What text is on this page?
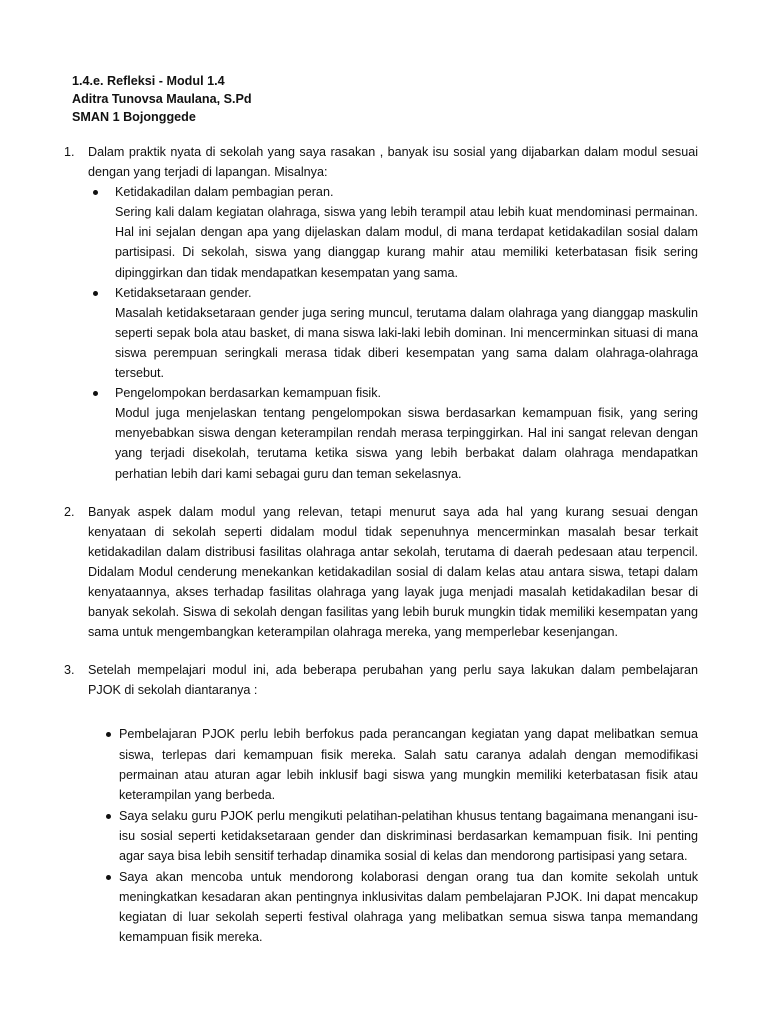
1.4.e. Refleksi - Modul 1.4
Aditra Tunovsa Maulana, S.Pd
SMAN 1 Bojonggede
1. Dalam praktik nyata di sekolah yang saya rasakan , banyak isu sosial yang dijabarkan dalam modul sesuai dengan yang terjadi di lapangan. Misalnya:
Ketidakadilan dalam pembagian peran.
Sering kali dalam kegiatan olahraga, siswa yang lebih terampil atau lebih kuat mendominasi permainan. Hal ini sejalan dengan apa yang dijelaskan dalam modul, di mana terdapat ketidakadilan sosial dalam partisipasi. Di sekolah, siswa yang dianggap kurang mahir atau memiliki keterbatasan fisik sering dipinggirkan dan tidak mendapatkan kesempatan yang sama.
Ketidaksetaraan gender.
Masalah ketidaksetaraan gender juga sering muncul, terutama dalam olahraga yang dianggap maskulin seperti sepak bola atau basket, di mana siswa laki-laki lebih dominan. Ini mencerminkan situasi di mana siswa perempuan seringkali merasa tidak diberi kesempatan yang sama dalam olahraga-olahraga tersebut.
Pengelompokan berdasarkan kemampuan fisik.
Modul juga menjelaskan tentang pengelompokan siswa berdasarkan kemampuan fisik, yang sering menyebabkan siswa dengan keterampilan rendah merasa terpinggirkan. Hal ini sangat relevan dengan yang terjadi disekolah, terutama ketika siswa yang lebih berbakat dalam olahraga mendapatkan perhatian lebih dari kami sebagai guru dan teman sekelasnya.
2. Banyak aspek dalam modul yang relevan, tetapi menurut saya ada hal yang kurang sesuai dengan kenyataan di sekolah seperti didalam modul tidak sepenuhnya mencerminkan masalah besar terkait ketidakadilan dalam distribusi fasilitas olahraga antar sekolah, terutama di daerah pedesaan atau terpencil. Didalam Modul cenderung menekankan ketidakadilan sosial di dalam kelas atau antara siswa, tetapi dalam kenyataannya, akses terhadap fasilitas olahraga yang layak juga menjadi masalah ketidakadilan besar di banyak sekolah. Siswa di sekolah dengan fasilitas yang lebih buruk mungkin tidak memiliki kesempatan yang sama untuk mengembangkan keterampilan olahraga mereka, yang memperlebar kesenjangan.
3. Setelah mempelajari modul ini, ada beberapa perubahan yang perlu saya lakukan dalam pembelajaran PJOK di sekolah diantaranya :
Pembelajaran PJOK perlu lebih berfokus pada perancangan kegiatan yang dapat melibatkan semua siswa, terlepas dari kemampuan fisik mereka. Salah satu caranya adalah dengan memodifikasi permainan atau aturan agar lebih inklusif bagi siswa yang mungkin memiliki keterbatasan fisik atau keterampilan yang berbeda.
Saya selaku guru PJOK perlu mengikuti pelatihan-pelatihan khusus tentang bagaimana menangani isu-isu sosial seperti ketidaksetaraan gender dan diskriminasi berdasarkan kemampuan fisik. Ini penting agar saya bisa lebih sensitif terhadap dinamika sosial di kelas dan mendorong partisipasi yang setara.
Saya akan mencoba untuk mendorong kolaborasi dengan orang tua dan komite sekolah untuk meningkatkan kesadaran akan pentingnya inklusivitas dalam pembelajaran PJOK. Ini dapat mencakup kegiatan di luar sekolah seperti festival olahraga yang melibatkan semua siswa tanpa memandang kemampuan fisik mereka.
